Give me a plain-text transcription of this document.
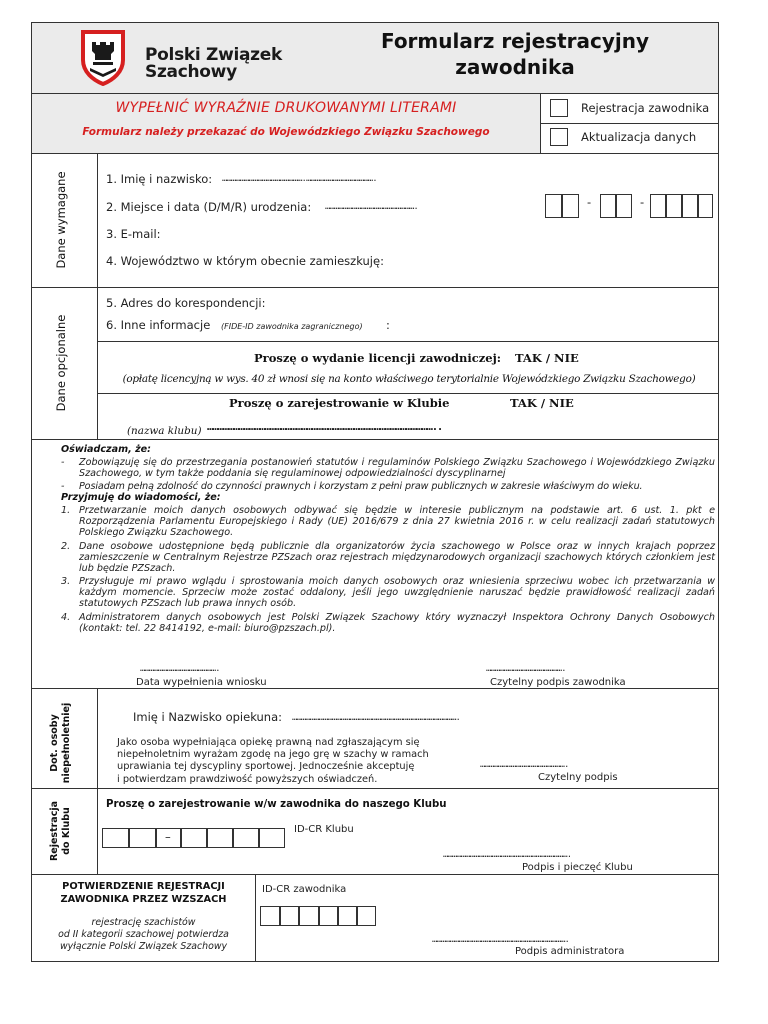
Polski Związek
Szachowy
Formularz rejestracyjny
zawodnika
WYPEŁNIĆ WYRAŹNIE DRUKOWANYMI LITERAMI
Formularz należy przekazać do Wojewódzkiego Związku Szachowego
Rejestracja zawodnika
Aktualizacja danych
Dane wymagane	1. Imię i nazwisko: ……………………………………………….……………………………………….
2. Miejsce i data (D/M/R) urodzenia: …………………………………………………….	-	-
3. E-mail:
4. Województwo w którym obecnie zamieszkuję:
Dane opcjonalne
5. Adres do korespondencji:
6. Inne informacje (FIDE-ID zawodnika zagranicznego) :
Proszę o wydanie licencji zawodniczej: TAK / NIE
(opłatę licencyjną w wys. 40 zł wnosi się na konto właściwego terytorialnie Wojewódzkiego Związku Szachowego)
Proszę o zarejestrowanie w Klubie	TAK / NIE
(nazwa klubu) …………………………………………………………………………………………………………………..
Oświadczam, że:
- Zobowiązuję się do przestrzegania postanowień statutów i regulaminów Polskiego Związku Szachowego i Wojewódzkiego Związku Szachowego, w tym także poddania się regulaminowej odpowiedzialności dyscyplinarnej
- Posiadam pełną zdolność do czynności prawnych i korzystam z pełni praw publicznych w zakresie właściwym do wieku.
Przyjmuję do wiadomości, że:
1. Przetwarzanie moich danych osobowych odbywać się będzie w interesie publicznym na podstawie art. 6 ust. 1. pkt e Rozporządzenia Parlamentu Europejskiego i Rady (UE) 2016/679 z dnia 27 kwietnia 2016 r. w celu realizacji zadań statutowych Polskiego Związku Szachowego.
2. Dane osobowe udostępnione będą publicznie dla organizatorów życia szachowego w Polsce oraz w innych krajach poprzez zamieszczenie w Centralnym Rejestrze PZSzach oraz rejestrach międzynarodowych organizacji szachowych których członkiem jest lub będzie PZSzach.
3. Przysługuje mi prawo wglądu i sprostowania moich danych osobowych oraz wniesienia sprzeciwu wobec ich przetwarzania w każdym momencie. Sprzeciw może zostać oddalony, jeśli jego uwzględnienie naruszać będzie prawidłowość realizacji zadań statutowych PZSzach lub prawa innych osób.
4. Administratorem danych osobowych jest Polski Związek Szachowy który wyznaczył Inspektora Ochrony Danych Osobowych (kontakt: tel. 22 8414192, e-mail: biuro@pzszach.pl).
…………………………………………….
Data wypełnienia wniosku
…………………………………………….
Czytelny podpis zawodnika
Dot. osoby niepełnoletniej	Imię i Nazwisko opiekuna: ………………………………………………………………………………………………….
Jako osoba wypełniająca opiekę prawną nad zgłaszającym się
niepełnoletnim wyrażam zgodę na jego grę w szachy w ramach
uprawiania tej dyscypliny sportowej. Jednocześnie akceptuję
i potwierdzam prawdziwość powyższych oświadczeń.
………………………………………………….
Czytelny podpis
Rejestracja do Klubu
Proszę o zarejestrowanie w/w zawodnika do naszego Klubu
–
ID-CR Klubu
………………………………………………………………………….
Podpis i pieczęć Klubu
POTWIERDZENIE REJESTRACJI
ZAWODNIKA PRZEZ WZSZACH
rejestrację szachistów
od II kategorii szachowej potwierdza
wyłącznie Polski Związek Szachowy
ID-CR zawodnika
……………………………………………………………………………….
Podpis administratora
